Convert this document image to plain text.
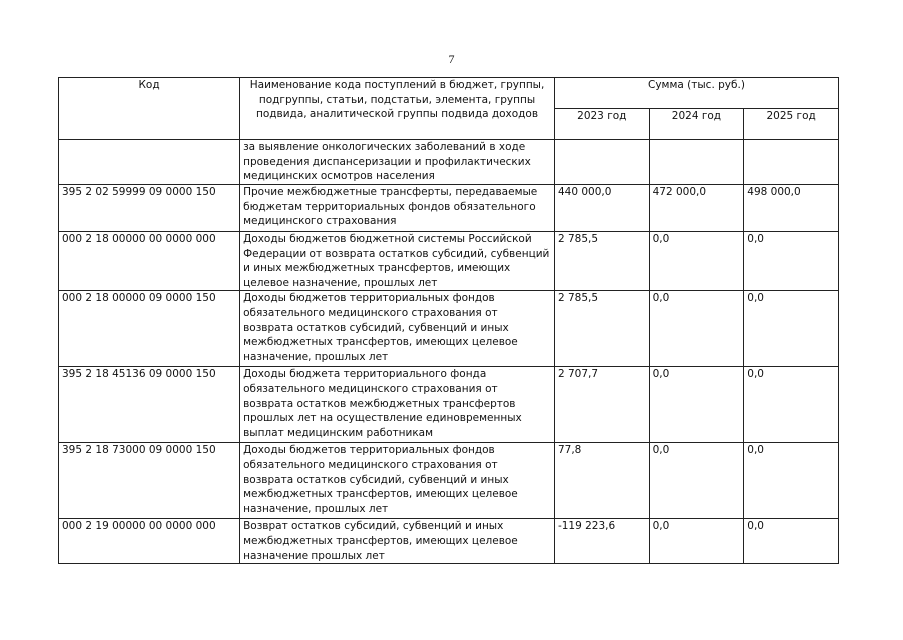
7
Код	Наименование кода поступлений в бюджет, группы, подгруппы, статьи, подстатьи, элемента, группы подвида, аналитической группы подвида доходов	Сумма (тыс. руб.)		
		2023 год	2024 год	2025 год
	за выявление онкологических заболеваний в ходе проведения диспансеризации и профилактических медицинских осмотров населения			
395 2 02 59999 09 0000 150	Прочие межбюджетные трансферты, передаваемые бюджетам территориальных фондов обязательного медицинского страхования	440 000,0	472 000,0	498 000,0
000 2 18 00000 00 0000 000	Доходы бюджетов бюджетной системы Российской Федерации от возврата остатков субсидий, субвенций и иных межбюджетных трансфертов, имеющих целевое назначение, прошлых лет	2 785,5	0,0	0,0
000 2 18 00000 09 0000 150	Доходы бюджетов территориальных фондов обязательного медицинского страхования от возврата остатков субсидий, субвенций и иных межбюджетных трансфертов, имеющих целевое назначение, прошлых лет	2 785,5	0,0	0,0
395 2 18 45136 09 0000 150	Доходы бюджета территориального фонда обязательного медицинского страхования от возврата остатков межбюджетных трансфертов прошлых лет на осуществление единовременных выплат медицинским работникам	2 707,7	0,0	0,0
395 2 18 73000 09 0000 150	Доходы бюджетов территориальных фондов обязательного медицинского страхования от возврата остатков субсидий, субвенций и иных межбюджетных трансфертов, имеющих целевое назначение, прошлых лет	77,8	0,0	0,0
000 2 19 00000 00 0000 000	Возврат остатков субсидий, субвенций и иных межбюджетных трансфертов, имеющих целевое назначение прошлых лет	-119 223,6	0,0	0,0
